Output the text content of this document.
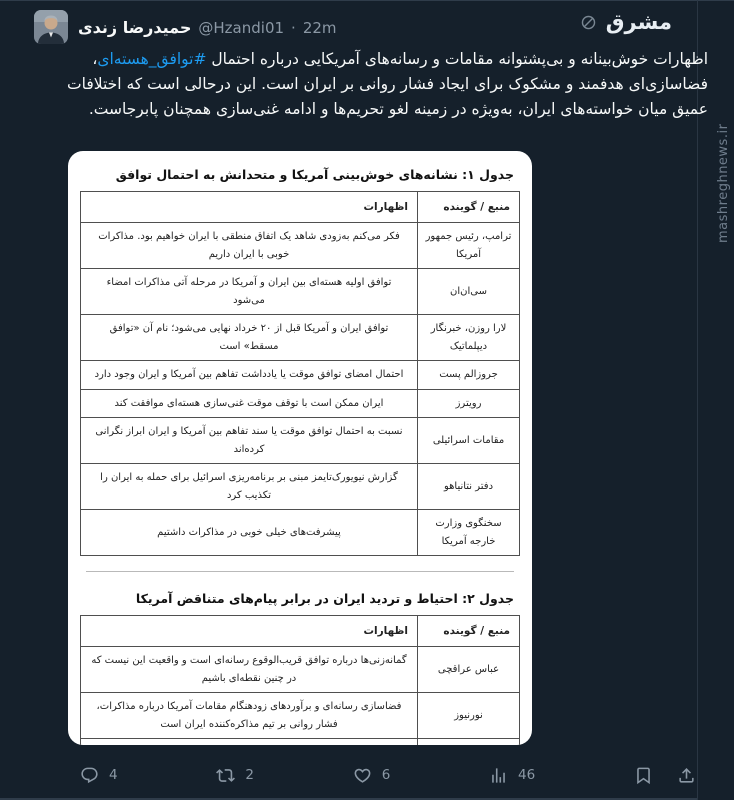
mashreghnews.ir
حمیدرضا زندی @Hzandi01 · 22m	مشرق
اظهارات خوش‌بینانه و بی‌پشتوانه مقامات و رسانه‌های آمریکایی درباره احتمال #توافق_هسته‌ای، فضاسازی‌ای هدفمند و مشکوک برای ایجاد فشار روانی بر ایران است. این درحالی است که اختلافات عمیق میان خواسته‌های ایران، به‌ویژه در زمینه لغو تحریم‌ها و ادامه غنی‌سازی همچنان پابرجاست.
جدول ۱: نشانه‌های خوش‌بینی آمریکا و متحدانش به احتمال توافق
منبع / گوینده	اظهارات
ترامپ، رئیس جمهور آمریکا	فکر می‌کنم به‌زودی شاهد یک اتفاق منطقی با ایران خواهیم بود. مذاکرات خوبی با ایران داریم
سی‌ان‌ان	توافق اولیه هسته‌ای بین ایران و آمریکا در مرحله آتی مذاکرات امضاء می‌شود
لارا روزن، خبرنگار دیپلماتیک	توافق ایران و آمریکا قبل از ۲۰ خرداد نهایی می‌شود؛ نام آن «توافق مسقط» است
جروزالم پست	احتمال امضای توافق موقت یا یادداشت تفاهم بین آمریکا و ایران وجود دارد
رویترز	ایران ممکن است با توقف موقت غنی‌سازی هسته‌ای موافقت کند
مقامات اسرائیلی	نسبت به احتمال توافق موقت یا سند تفاهم بین آمریکا و ایران ابراز نگرانی کرده‌اند
دفتر نتانیاهو	گزارش نیویورک‌تایمز مبنی بر برنامه‌ریزی اسرائیل برای حمله به ایران را تکذیب کرد
سخنگوی وزارت خارجه آمریکا	پیشرفت‌های خیلی خوبی در مذاکرات داشتیم
جدول ۲: احتیاط و تردید ایران در برابر پیام‌های متناقض آمریکا
منبع / گوینده	اظهارات
عباس عراقچی	گمانه‌زنی‌ها درباره توافق قریب‌الوقوع رسانه‌ای است و واقعیت این نیست که در چنین نقطه‌ای باشیم
نورنیوز	فضاسازی رسانه‌ای و برآوردهای زودهنگام مقامات آمریکا درباره مذاکرات، فشار روانی بر تیم مذاکره‌کننده ایران است

4	2	6	46
